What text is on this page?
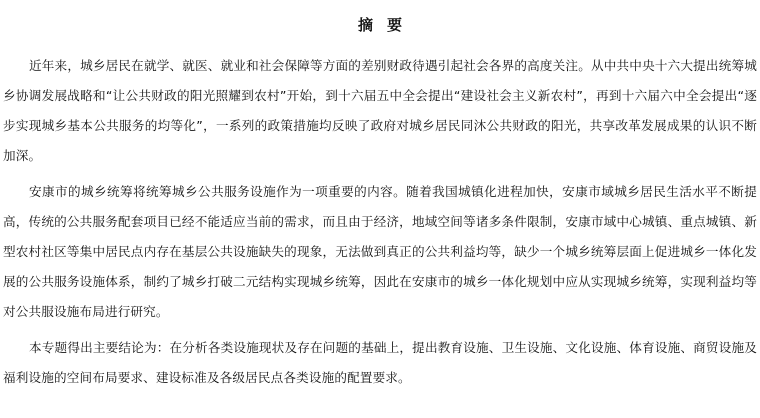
摘要

近年来，城乡居民在就学、就医、就业和社会保障等方面的差别财政待遇引起社会各界的高度关注。从中共中央十六大提出统筹城乡协调发展战略和“让公共财政的阳光照耀到农村”开始，到十六届五中全会提出“建设社会主义新农村”，再到十六届六中全会提出“逐步实现城乡基本公共服务的均等化”，一系列的政策措施均反映了政府对城乡居民同沐公共财政的阳光，共享改革发展成果的认识不断加深。

安康市的城乡统筹将统筹城乡公共服务设施作为一项重要的内容。随着我国城镇化进程加快，安康市域城乡居民生活水平不断提高，传统的公共服务配套项目已经不能适应当前的需求，而且由于经济，地域空间等诸多条件限制，安康市域中心城镇、重点城镇、新型农村社区等集中居民点内存在基层公共设施缺失的现象，无法做到真正的公共利益均等，缺少一个城乡统筹层面上促进城乡一体化发展的公共服务设施体系，制约了城乡打破二元结构实现城乡统筹，因此在安康市的城乡一体化规划中应从实现城乡统筹，实现利益均等对公共服设施布局进行研究。

本专题得出主要结论为：在分析各类设施现状及存在问题的基础上，提出教育设施、卫生设施、文化设施、体育设施、商贸设施及福利设施的空间布局要求、建设标准及各级居民点各类设施的配置要求。
